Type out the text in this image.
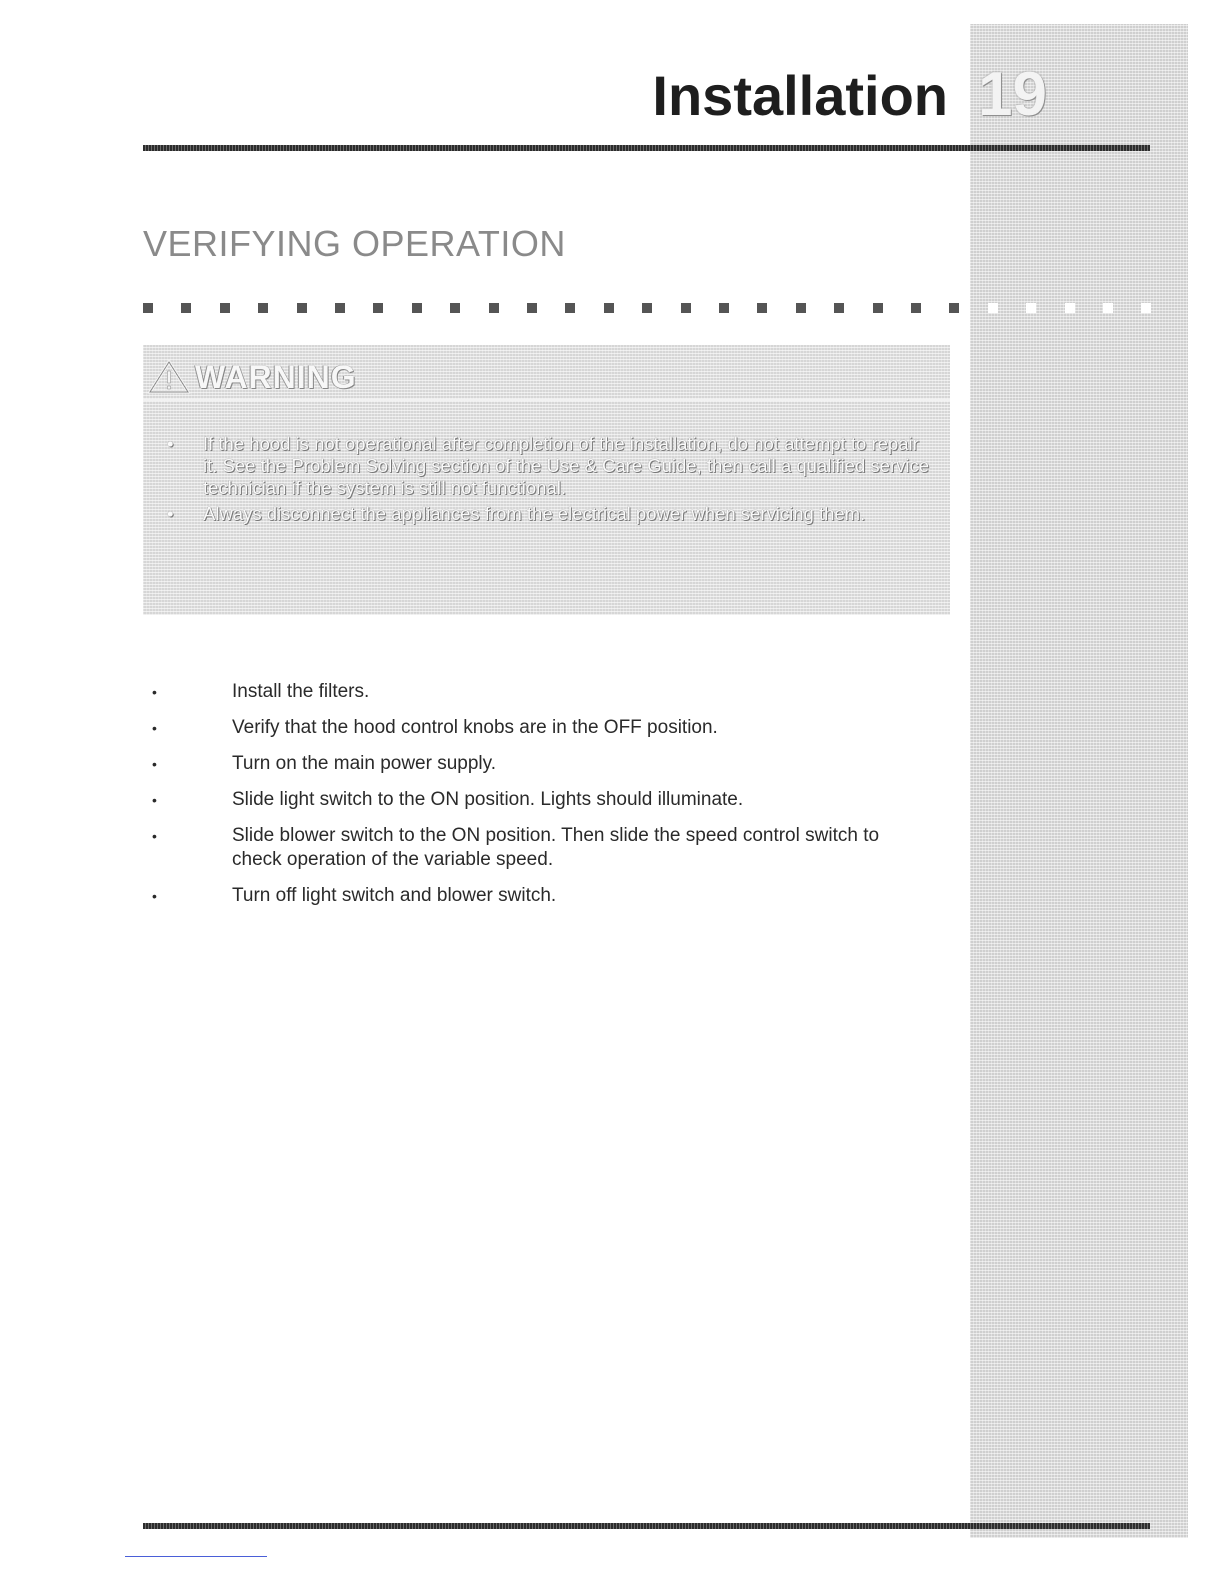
Installation 19
VERIFYING OPERATION
WARNING
• If the hood is not operational after completion of the installation, do not attempt to repair it. See the Problem Solving section of the Use & Care Guide, then call a qualified service technician if the system is still not functional.
• Always disconnect the appliances from the electrical power when servicing them.
•	Install the filters.
•	Verify that the hood control knobs are in the OFF position.
•	Turn on the main power supply.
•	Slide light switch to the ON position. Lights should illuminate.
•	Slide blower switch to the ON position. Then slide the speed control switch to check operation of the variable speed.
•	Turn off light switch and blower switch.
